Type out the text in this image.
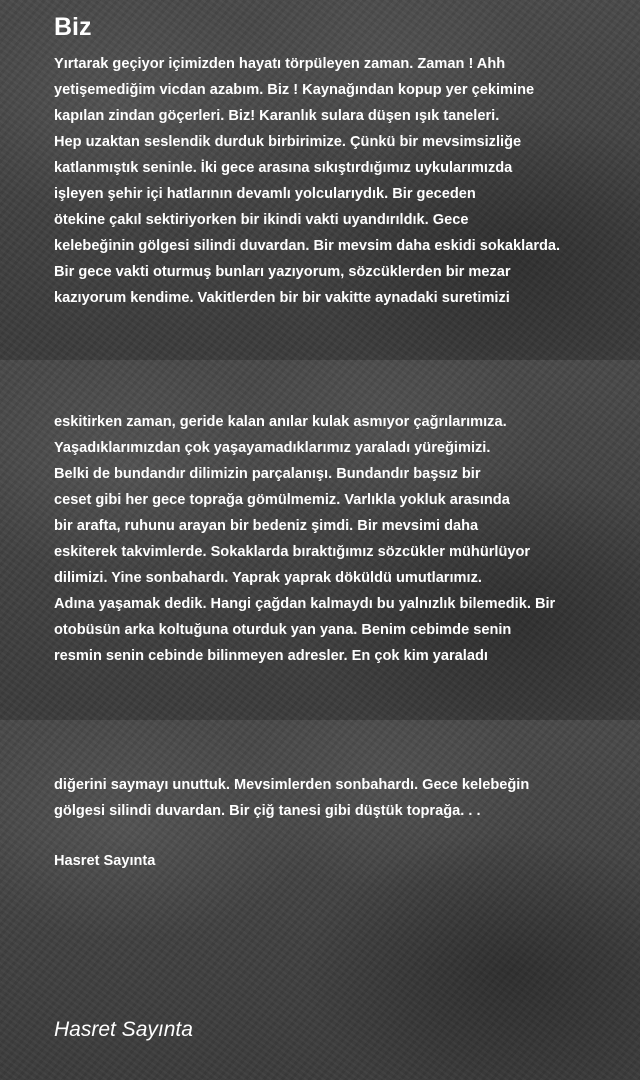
Biz
Yırtarak geçiyor içimizden hayatı törpüleyen zaman. Zaman ! Ahh
yetişemediğim vicdan azabım. Biz ! Kaynağından kopup yer çekimine
kapılan zindan göçerleri. Biz! Karanlık sulara düşen ışık taneleri.
Hep uzaktan seslendik durduk birbirimize. Çünkü bir mevsimsizliğe
katlanmıştık seninle. İki gece arasına sıkıştırdığımız uykularımızda
işleyen şehir içi hatlarının devamlı yolcularıydık. Bir geceden
ötekine çakıl sektiriyorken bir ikindi vakti uyandırıldık. Gece
kelebeğinin gölgesi silindi duvardan. Bir mevsim daha eskidi sokaklarda.
Bir gece vakti oturmuş bunları yazıyorum, sözcüklerden bir mezar
kazıyorum kendime. Vakitlerden bir bir vakitte aynadaki suretimizi
eskitirken zaman, geride kalan anılar kulak asmıyor çağrılarımıza.
Yaşadıklarımızdan çok yaşayamadıklarımız yaraladı yüreğimizi.
Belki de bundandır dilimizin parçalanışı. Bundandır başsız bir
ceset gibi her gece toprağa gömülmemiz. Varlıkla yokluk arasında
bir arafta, ruhunu arayan bir bedeniz şimdi. Bir mevsimi daha
eskiterek takvimlerde. Sokaklarda bıraktığımız sözcükler mühürlüyor
dilimizi. Yine sonbahardı. Yaprak yaprak döküldü umutlarımız.
Adına yaşamak dedik. Hangi çağdan kalmaydı bu yalnızlık bilemedik. Bir
otobüsün arka koltuğuna oturduk yan yana. Benim cebimde senin
resmin senin cebinde bilinmeyen adresler. En çok kim yaraladı
diğerini saymayı unuttuk. Mevsimlerden sonbahardı. Gece kelebeğin
gölgesi silindi duvardan. Bir çiğ tanesi gibi düştük toprağa. . .
Hasret Sayınta
Hasret Sayınta
